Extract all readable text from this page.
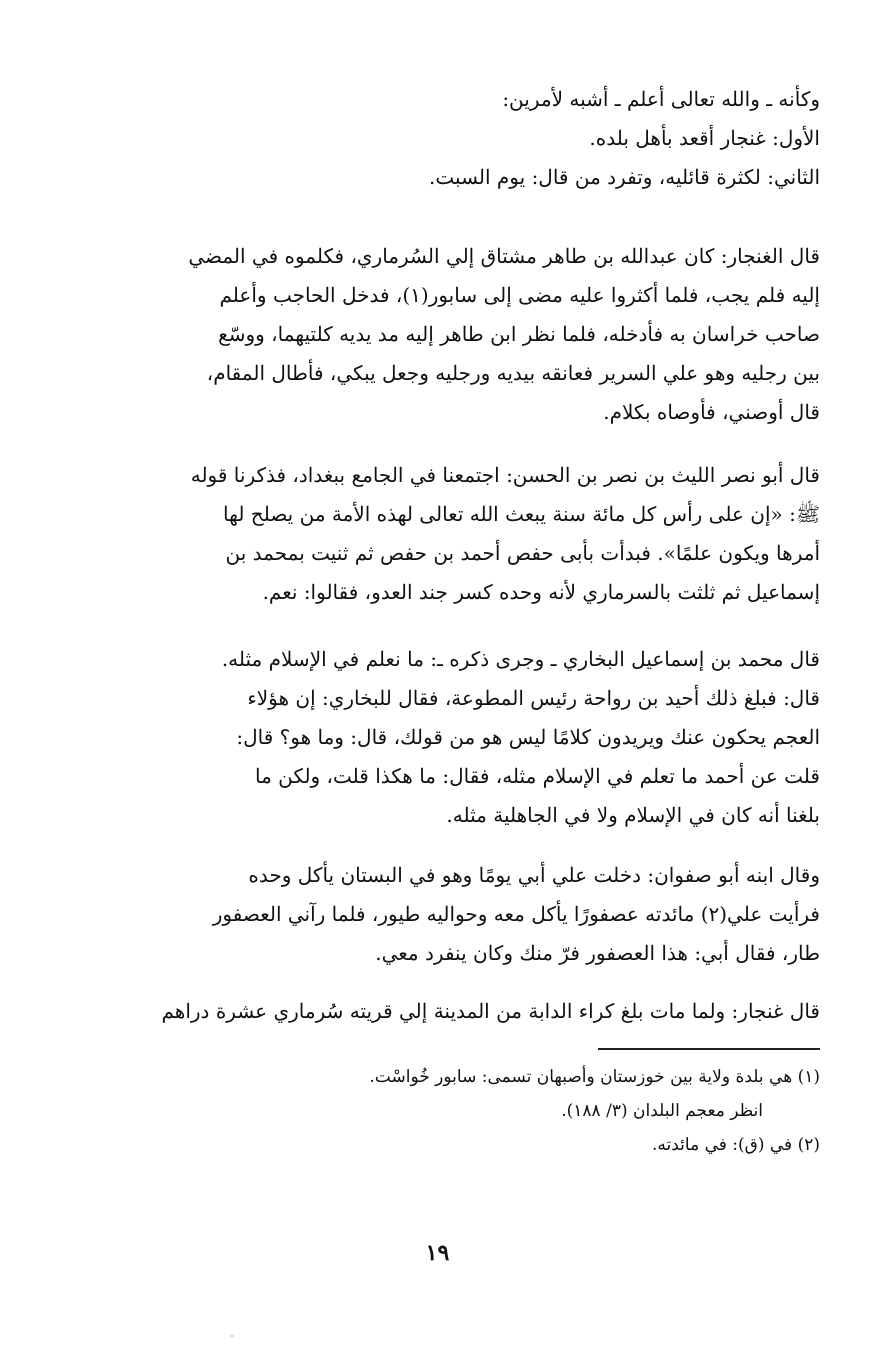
وكأنه ـ والله تعالى أعلم ـ أشبه لأمرين:
الأول: غنجار أقعد بأهل بلده.
الثاني: لكثرة قائليه، وتفرد من قال: يوم السبت.
قال الغنجار: كان عبدالله بن طاهر مشتاق إلي السُرماري، فكلموه في المضي
إليه فلم يجب، فلما أكثروا عليه مضى إلى سابور(١)، فدخل الحاجب وأعلم
صاحب خراسان به فأدخله، فلما نظر ابن طاهر إليه مد يديه كلتيهما، ووسّع
بين رجليه وهو علي السرير فعانقه بيديه ورجليه وجعل يبكي، فأطال المقام،
قال أوصني، فأوصاه بكلام.
قال أبو نصر الليث بن نصر بن الحسن: اجتمعنا في الجامع ببغداد، فذكرنا قوله
ﷺ: «إن على رأس كل مائة سنة يبعث الله تعالى لهذه الأمة من يصلح لها
أمرها ويكون علمًا». فبدأت بأبى حفص أحمد بن حفص ثم ثنيت بمحمد بن
إسماعيل ثم ثلثت بالسرماري لأنه وحده كسر جند العدو، فقالوا: نعم.
قال محمد بن إسماعيل البخاري ـ وجرى ذكره ـ: ما نعلم في الإسلام مثله.
قال: فبلغ ذلك أحيد بن رواحة رئيس المطوعة، فقال للبخاري: إن هؤلاء
العجم يحكون عنك ويريدون كلامًا ليس هو من قولك، قال: وما هو؟ قال:
قلت عن أحمد ما تعلم في الإسلام مثله، فقال: ما هكذا قلت، ولكن ما
بلغنا أنه كان في الإسلام ولا في الجاهلية مثله.
وقال ابنه أبو صفوان: دخلت علي أبي يومًا وهو في البستان يأكل وحده
فرأيت علي(٢) مائدته عصفورًا يأكل معه وحواليه طيور، فلما رآني العصفور
طار، فقال أبي: هذا العصفور فرّ منك وكان ينفرد معي.
قال غنجار: ولما مات بلغ كراء الدابة من المدينة إلي قريته سُرماري عشرة دراهم
(١) هي بلدة ولاية بين خوزستان وأصبهان تسمى: سابور خُواسْت.
انظر معجم البلدان (٣/ ١٨٨).
(٢) في (ق): في مائدته.
١٩
